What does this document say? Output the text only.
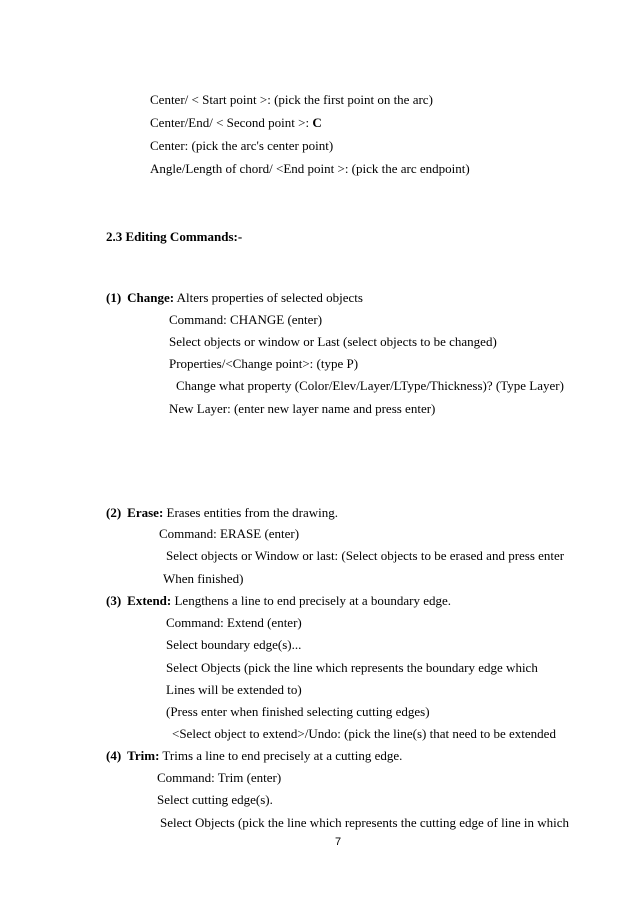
Center/ < Start point >: (pick the first point on the arc)
Center/End/ < Second point >: C
Center: (pick the arc's center point)
Angle/Length of chord/ <End point >: (pick the arc endpoint)
2.3 Editing Commands:-
(1) Change: Alters properties of selected objects
Command: CHANGE (enter)
Select objects or window or Last (select objects to be changed)
Properties/<Change point>: (type P)
Change what property (Color/Elev/Layer/LType/Thickness)? (Type Layer)
New Layer: (enter new layer name and press enter)
(2) Erase: Erases entities from the drawing.
Command: ERASE (enter)
Select objects or Window or last: (Select objects to be erased and press enter
When finished)
(3) Extend: Lengthens a line to end precisely at a boundary edge.
Command: Extend (enter)
Select boundary edge(s)...
Select Objects (pick the line which represents the boundary edge which
Lines will be extended to)
(Press enter when finished selecting cutting edges)
<Select object to extend>/Undo: (pick the line(s) that need to be extended
(4) Trim: Trims a line to end precisely at a cutting edge.
Command: Trim (enter)
Select cutting edge(s).
Select Objects (pick the line which represents the cutting edge of line in which
7
